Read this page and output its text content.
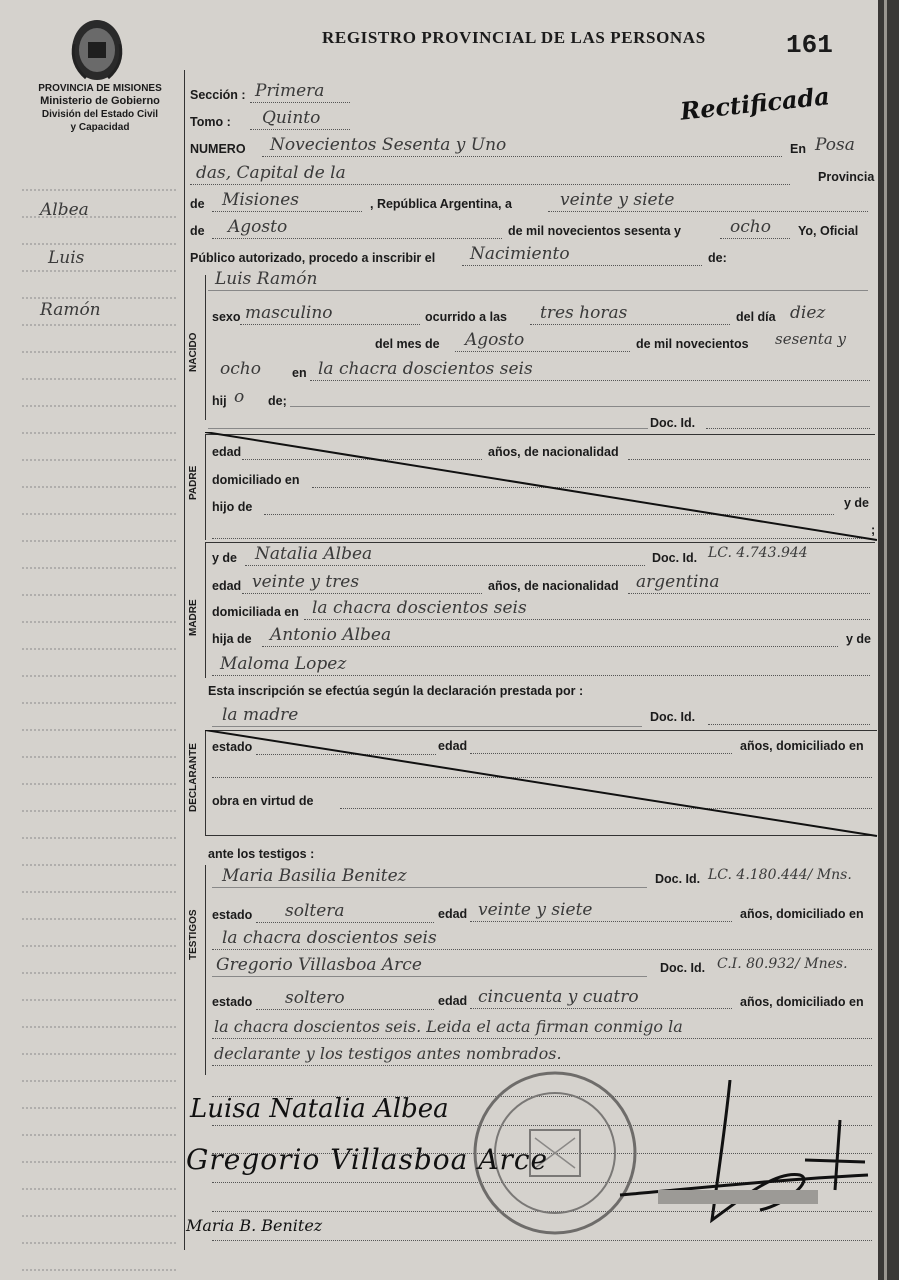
PROVINCIA DE MISIONES
Ministerio de Gobierno
División del Estado Civil
y Capacidad
REGISTRO PROVINCIAL DE LAS PERSONAS	161
Rectificada
Albea
Luis
Ramón
Sección : Primera
Tomo : Quinto
NUMERO Novecientos Sesenta y Uno	En Posa
das, Capital de la	Provincia
de Misiones	, República Argentina, a	veinte y siete
de Agosto	de mil novecientos sesenta y	ocho Yo, Oficial
Público autorizado, procedo a inscribir el Nacimiento	de:
NACIDO
Luis Ramón
sexo masculino	ocurrido a las tres horas	del día diez
del mes de Agosto	de mil novecientos sesenta y
ocho en la chacra doscientos seis
hij o de;
Doc. Id.
PADRE
edad	años, de nacionalidad
domiciliado en
hijo de	y de
;
MADRE
y de Natalia Albea	Doc. Id. LC. 4.743.944
edad veinte y tres	años, de nacionalidad argentina
domiciliada en la chacra doscientos seis
hija de Antonio Albea	y de
Maloma Lopez
Esta inscripción se efectúa según la declaración prestada por :
la madre	Doc. Id.
DECLARANTE estado	edad	años, domiciliado en
obra en virtud de
ante los testigos :
TESTIGOS
Maria Basilia Benitez	Doc. Id. LC. 4.180.444/ Mns.
estado soltera	edad veinte y siete	años, domiciliado en
la chacra doscientos seis
Gregorio Villasboa Arce	Doc. Id. C.I. 80.932/ Mnes.
estado soltero	edad cincuenta y cuatro	años, domiciliado en
la chacra doscientos seis. Leida el acta firman conmigo la
declarante y los testigos antes nombrados.
Luisa Natalia Albea
Gregorio Villasboa Arce
Maria B. Benitez
